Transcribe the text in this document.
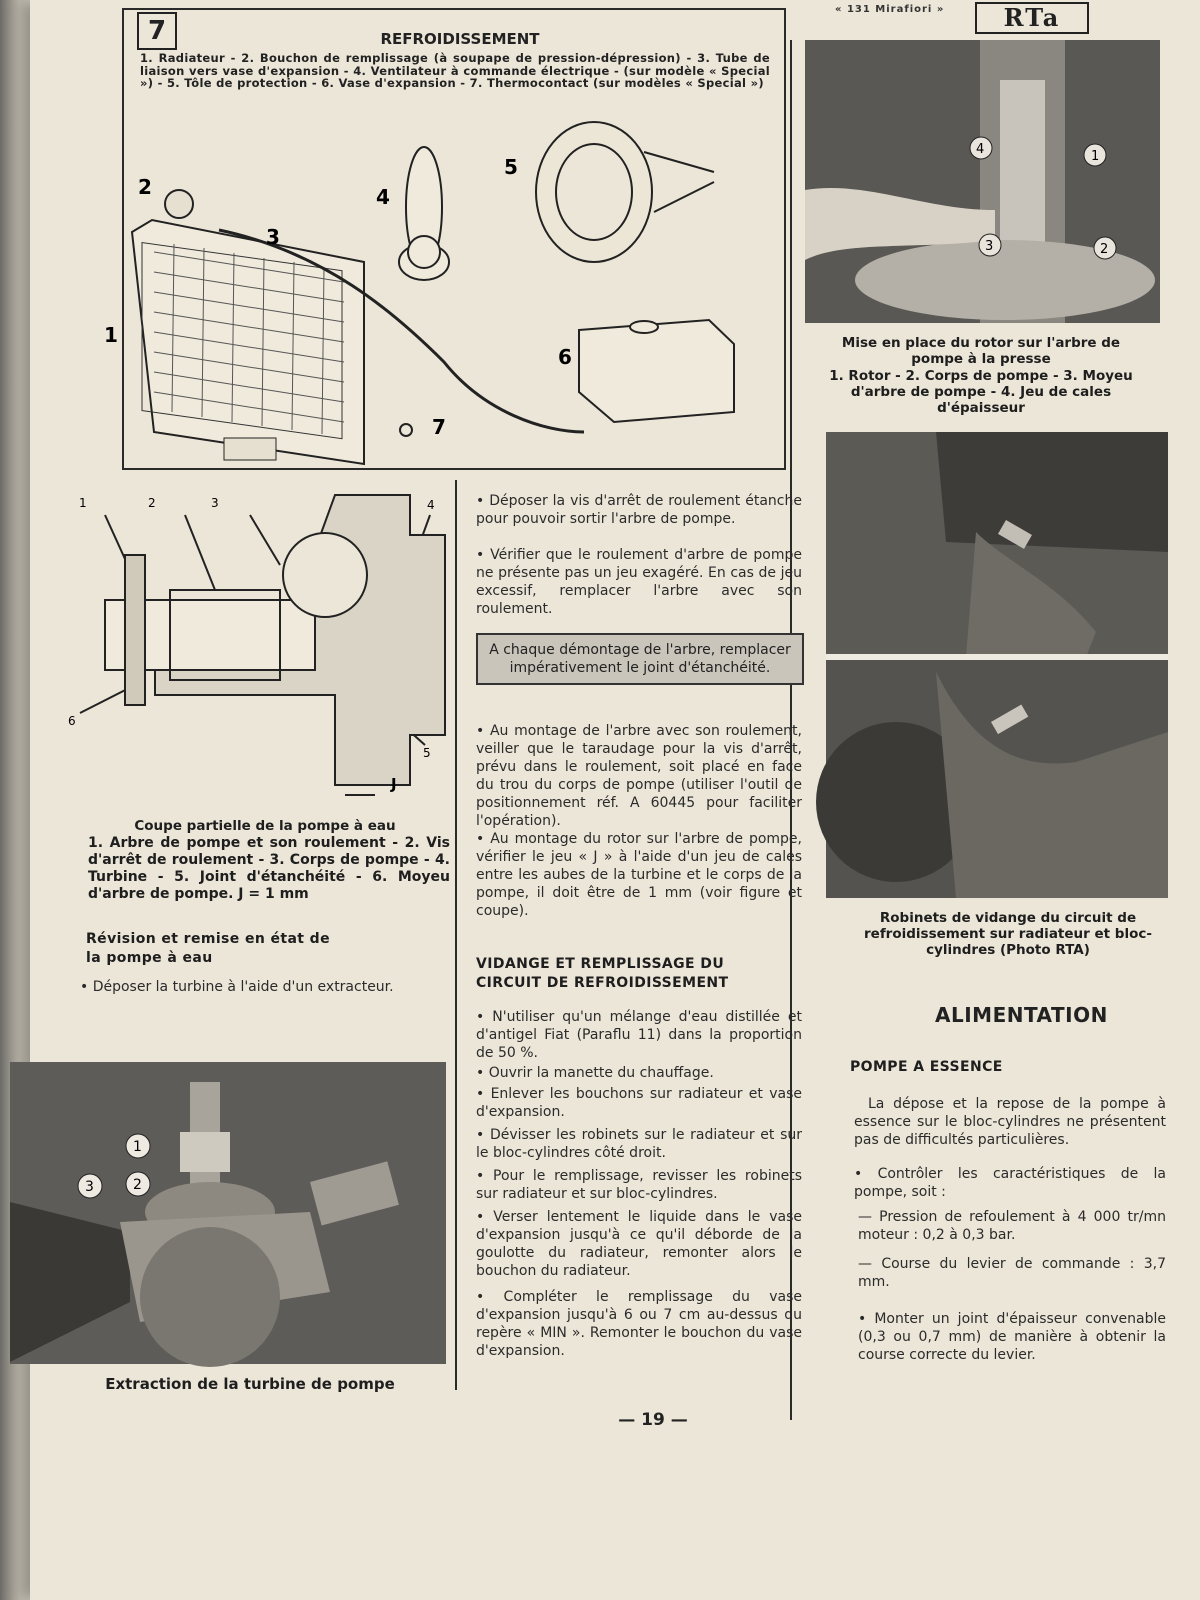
« 131 Mirafiori »	RTa
7	REFROIDISSEMENT
1. Radiateur - 2. Bouchon de remplissage (à soupape de pression-dépression) - 3. Tube de liaison vers vase d'expansion - 4. Ventilateur à commande électrique - (sur modèle « Special ») - 5. Tôle de protection - 6. Vase d'expansion - 7. Thermocontact (sur modèles « Special »)
1
2
3
4
5
6
7
4	1
3	2
Mise en place du rotor sur l'arbre de pompe à la presse
1. Rotor - 2. Corps de pompe - 3. Moyeu d'arbre de pompe - 4. Jeu de cales d'épaisseur
1	2	3	4
5
6
J
Coupe partielle de la pompe à eau
1. Arbre de pompe et son roulement - 2. Vis d'arrêt de roulement - 3. Corps de pompe - 4. Turbine - 5. Joint d'étanchéité - 6. Moyeu d'arbre de pompe. J = 1 mm
Révision et remise en état de la pompe à eau
• Déposer la turbine à l'aide d'un extracteur.
1
2
3
Extraction de la turbine de pompe
• Déposer la vis d'arrêt de roulement étanche pour pouvoir sortir l'arbre de pompe.
• Vérifier que le roulement d'arbre de pompe ne présente pas un jeu exagéré. En cas de jeu excessif, remplacer l'arbre avec son roulement.
A chaque démontage de l'arbre, remplacer impérativement le joint d'étanchéité.
• Au montage de l'arbre avec son roulement, veiller que le taraudage pour la vis d'arrêt, prévu dans le roulement, soit placé en face du trou du corps de pompe (utiliser l'outil de positionnement réf. A 60445 pour faciliter l'opération).
• Au montage du rotor sur l'arbre de pompe, vérifier le jeu « J » à l'aide d'un jeu de cales entre les aubes de la turbine et le corps de la pompe, il doit être de 1 mm (voir figure et coupe).
VIDANGE ET REMPLISSAGE DU CIRCUIT DE REFROIDISSEMENT
• N'utiliser qu'un mélange d'eau distillée et d'antigel Fiat (Paraflu 11) dans la proportion de 50 %.
• Ouvrir la manette du chauffage.
• Enlever les bouchons sur radiateur et vase d'expansion.
• Dévisser les robinets sur le radiateur et sur le bloc-cylindres côté droit.
• Pour le remplissage, revisser les robinets sur radiateur et sur bloc-cylindres.
• Verser lentement le liquide dans le vase d'expansion jusqu'à ce qu'il déborde de la goulotte du radiateur, remonter alors le bouchon du radiateur.
• Compléter le remplissage du vase d'expansion jusqu'à 6 ou 7 cm au-dessus du repère « MIN ». Remonter le bouchon du vase d'expansion.
Robinets de vidange du circuit de refroidissement sur radiateur et bloc-cylindres (Photo RTA)
ALIMENTATION
POMPE A ESSENCE
La dépose et la repose de la pompe à essence sur le bloc-cylindres ne présentent pas de difficultés particulières.
• Contrôler les caractéristiques de la pompe, soit :
— Pression de refoulement à 4 000 tr/mn moteur : 0,2 à 0,3 bar.
— Course du levier de commande : 3,7 mm.
• Monter un joint d'épaisseur convenable (0,3 ou 0,7 mm) de manière à obtenir la course correcte du levier.
— 19 —
